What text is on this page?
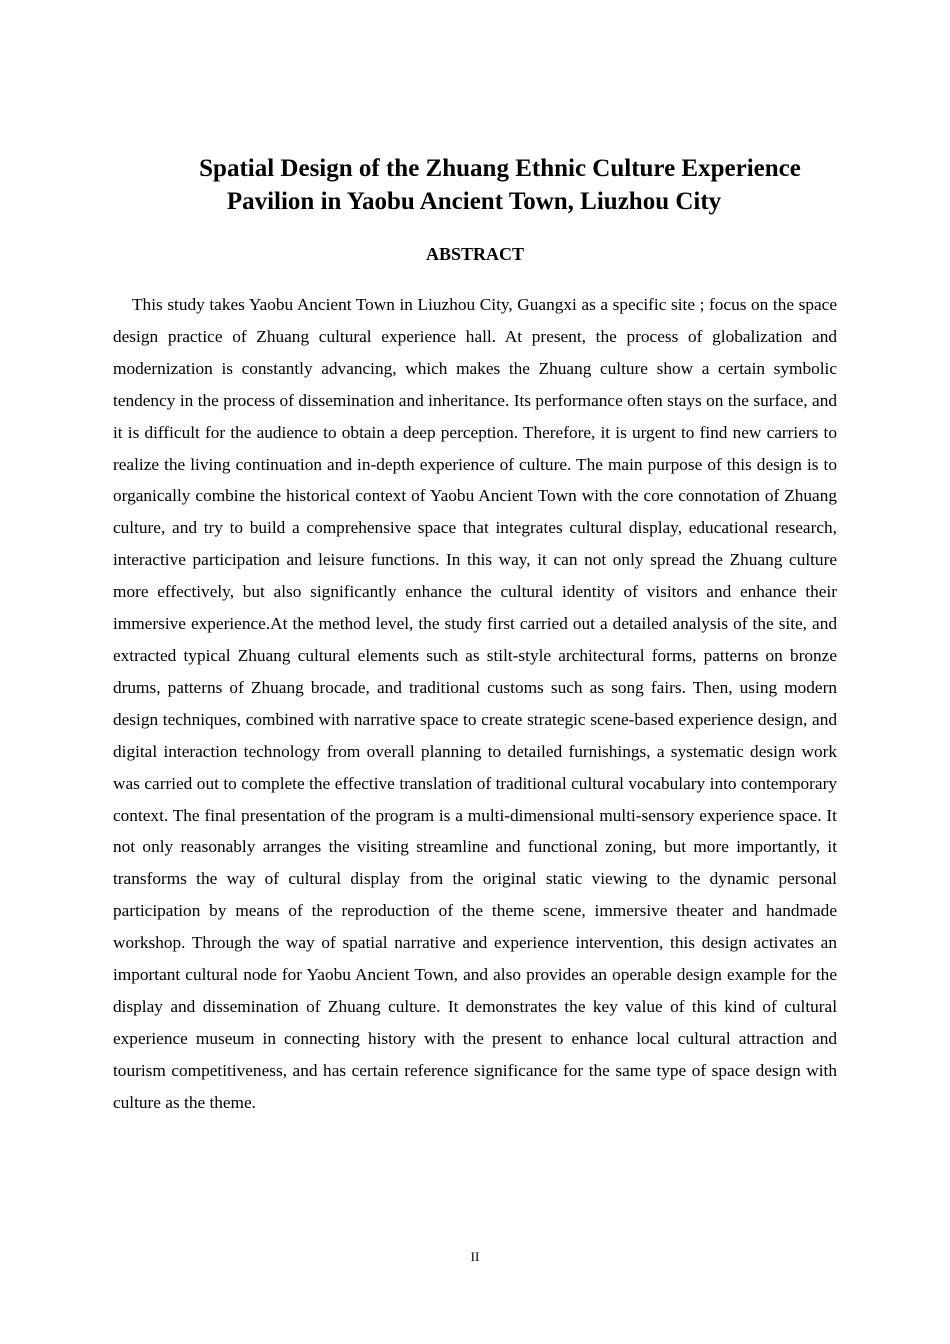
Spatial Design of the Zhuang Ethnic Culture Experience
Pavilion in Yaobu Ancient Town, Liuzhou City
ABSTRACT

This study takes Yaobu Ancient Town in Liuzhou City, Guangxi as a specific site ; focus on the space design practice of Zhuang cultural experience hall. At present, the process of globalization and modernization is constantly advancing, which makes the Zhuang culture show a certain symbolic tendency in the process of dissemination and inheritance. Its performance often stays on the surface, and it is difficult for the audience to obtain a deep perception. Therefore, it is urgent to find new carriers to realize the living continuation and in-depth experience of culture. The main purpose of this design is to organically combine the historical context of Yaobu Ancient Town with the core connotation of Zhuang culture, and try to build a comprehensive space that integrates cultural display, educational research, interactive participation and leisure functions. In this way, it can not only spread the Zhuang culture more effectively, but also significantly enhance the cultural identity of visitors and enhance their immersive experience.At the method level, the study first carried out a detailed analysis of the site, and extracted typical Zhuang cultural elements such as stilt-style architectural forms, patterns on bronze drums, patterns of Zhuang brocade, and traditional customs such as song fairs. Then, using modern design techniques, combined with narrative space to create strategic scene-based experience design, and digital interaction technology from overall planning to detailed furnishings, a systematic design work was carried out to complete the effective translation of traditional cultural vocabulary into contemporary context. The final presentation of the program is a multi-dimensional multi-sensory experience space. It not only reasonably arranges the visiting streamline and functional zoning, but more importantly, it transforms the way of cultural display from the original static viewing to the dynamic personal participation by means of the reproduction of the theme scene, immersive theater and handmade workshop. Through the way of spatial narrative and experience intervention, this design activates an important cultural node for Yaobu Ancient Town, and also provides an operable design example for the display and dissemination of Zhuang culture. It demonstrates the key value of this kind of cultural experience museum in connecting history with the present to enhance local cultural attraction and tourism competitiveness, and has certain reference significance for the same type of space design with culture as the theme.

II
